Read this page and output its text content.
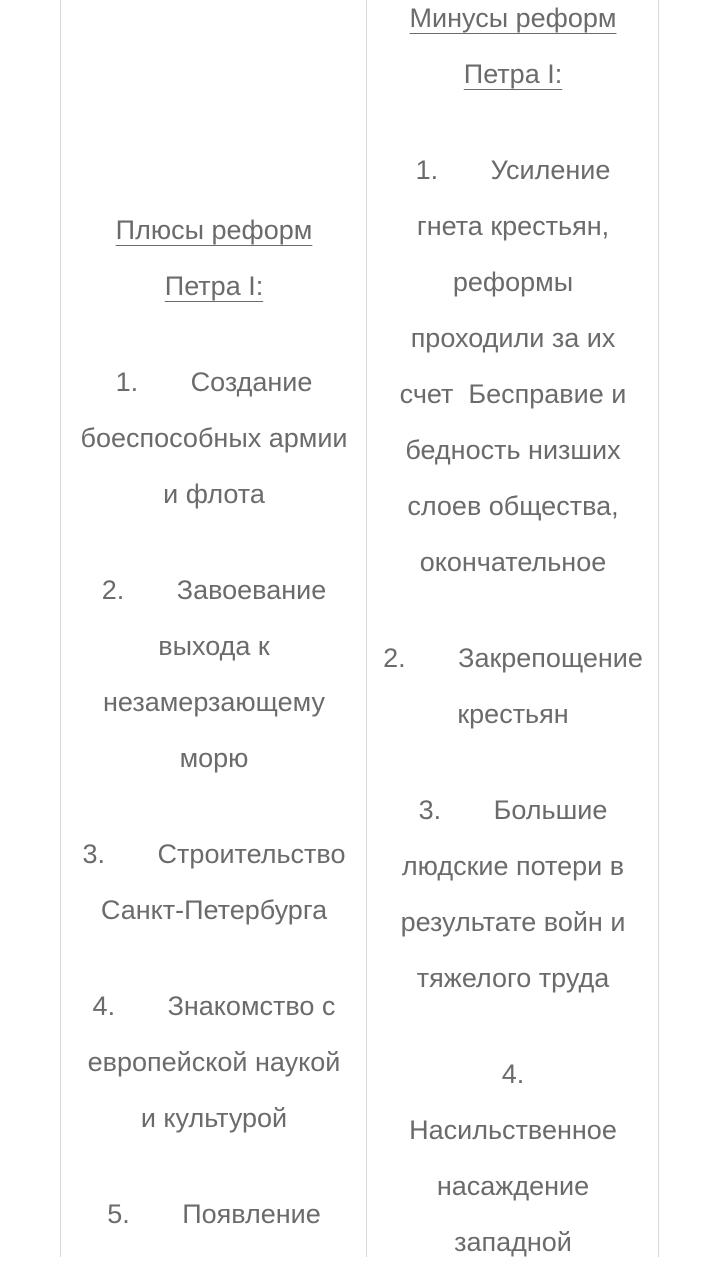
Плюсы реформ
Петра I:

1.       Создание
боеспособных армии
и флота

2.       Завоевание
выхода к
незамерзающему
морю

3.       Строительство
Санкт-Петербурга

4.       Знакомство с
европейской наукой
и культурой

5.       Появление

Минусы реформ
Петра I:

1.       Усиление
гнета крестьян,
реформы
проходили за их
счет  Бесправие и
бедность низших
слоев общества,
окончательное

2.       Закрепощение
крестьян

3.       Большие
людские потери в
результате войн и
тяжелого труда

4.
Насильственное
насаждение
западной
